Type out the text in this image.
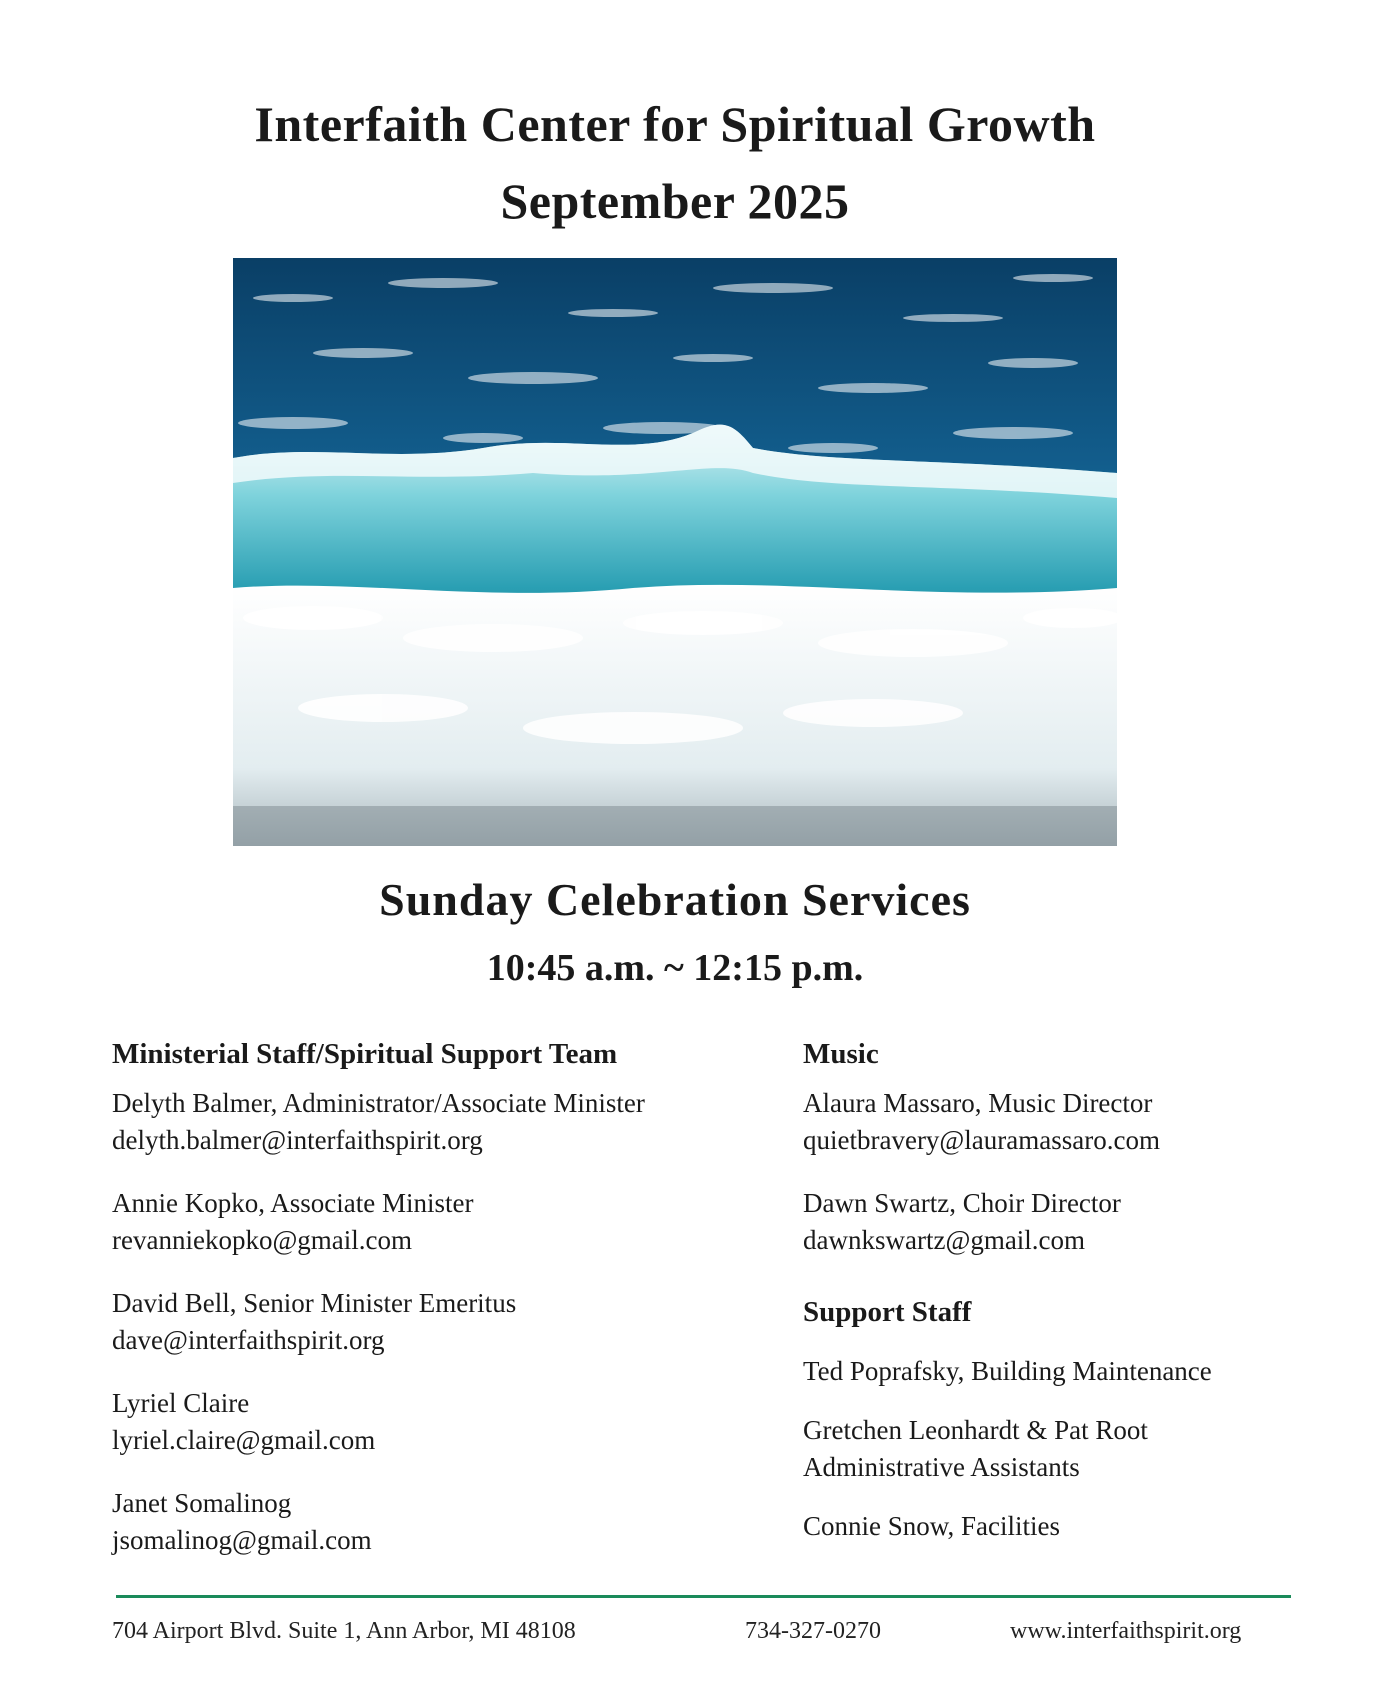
Interfaith Center for Spiritual Growth
September 2025
Sunday Celebration Services

10:45 a.m. ~ 12:15 p.m.

Ministerial Staff/Spiritual Support Team
Delyth Balmer, Administrator/Associate Minister
delyth.balmer@interfaithspirit.org
Annie Kopko, Associate Minister
revanniekopko@gmail.com
David Bell, Senior Minister Emeritus
dave@interfaithspirit.org
Lyriel Claire
lyriel.claire@gmail.com
Janet Somalinog
jsomalinog@gmail.com
Music
Alaura Massaro, Music Director
quietbravery@lauramassaro.com
Dawn Swartz, Choir Director
dawnkswartz@gmail.com
Support Staff
Ted Poprafsky, Building Maintenance
Gretchen Leonhardt & Pat Root
Administrative Assistants
Connie Snow, Facilities

704 Airport Blvd. Suite 1, Ann Arbor, MI 48108	734-327-0270	www.interfaithspirit.org
